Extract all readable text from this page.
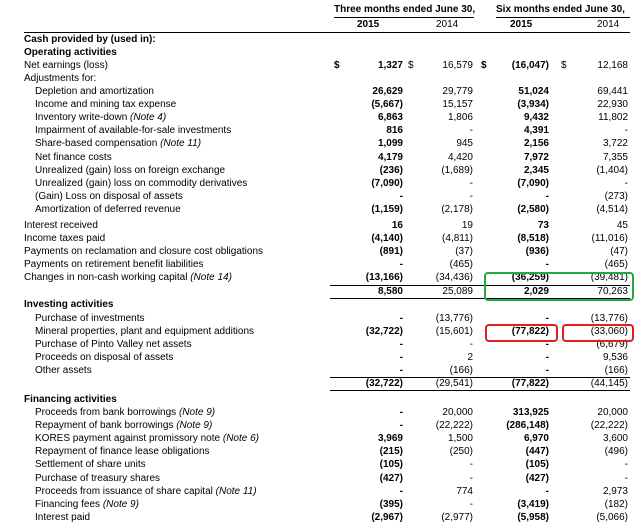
Three months ended June 30, Six months ended June 30,
2015	2014	2015	2014
Cash provided by (used in):
Operating activities
Net earnings (loss)	$	1,327 $	16,579 $	(16,047) $	12,168
Adjustments for:
Depletion and amortization	26,629	29,779	51,024	69,441
Income and mining tax expense	(5,667)	15,157	(3,934)	22,930
Inventory write-down (Note 4)	6,863	1,806	9,432	11,802
Impairment of available-for-sale investments	816	-	4,391	-
Share-based compensation (Note 11)	1,099	945	2,156	3,722
Net finance costs	4,179	4,420	7,972	7,355
Unrealized (gain) loss on foreign exchange	(236)	(1,689)	2,345	(1,404)
Unrealized (gain) loss on commodity derivatives	(7,090)	-	(7,090)	-
(Gain) Loss on disposal of assets	-	-	-	(273)
Amortization of deferred revenue	(1,159)	(2,178)	(2,580)	(4,514)
Interest received	16	19	73	45
Income taxes paid	(4,140)	(4,811)	(8,518)	(11,016)
Payments on reclamation and closure cost obligations	(891)	(37)	(936)	(47)
Payments on retirement benefit liabilities	-	(465)	-	(465)
Changes in non-cash working capital (Note 14)	(13,166)	(34,436)	(36,259)	(39,481)
8,580	25,089	2,029	70,263
Investing activities
Purchase of investments	-	(13,776)	-	(13,776)
Mineral properties, plant and equipment additions	(32,722)	(15,601)	(77,822)	(33,060)
Purchase of Pinto Valley net assets	-	-	-	(6,679)
Proceeds on disposal of assets	-	2	-	9,536
Other assets	-	(166)	-	(166)
(32,722)	(29,541)	(77,822)	(44,145)
Financing activities
Proceeds from bank borrowings (Note 9)	-	20,000	313,925	20,000
Repayment of bank borrowings (Note 9)	-	(22,222)	(286,148)	(22,222)
KORES payment against promissory note (Note 6)	3,969	1,500	6,970	3,600
Repayment of finance lease obligations	(215)	(250)	(447)	(496)
Settlement of share units	(105)	-	(105)	-
Purchase of treasury shares	(427)	-	(427)	-
Proceeds from issuance of share capital (Note 11)	-	774	-	2,973
Financing fees (Note 9)	(395)	-	(3,419)	(182)
Interest paid	(2,967)	(2,977)	(5,958)	(5,066)
